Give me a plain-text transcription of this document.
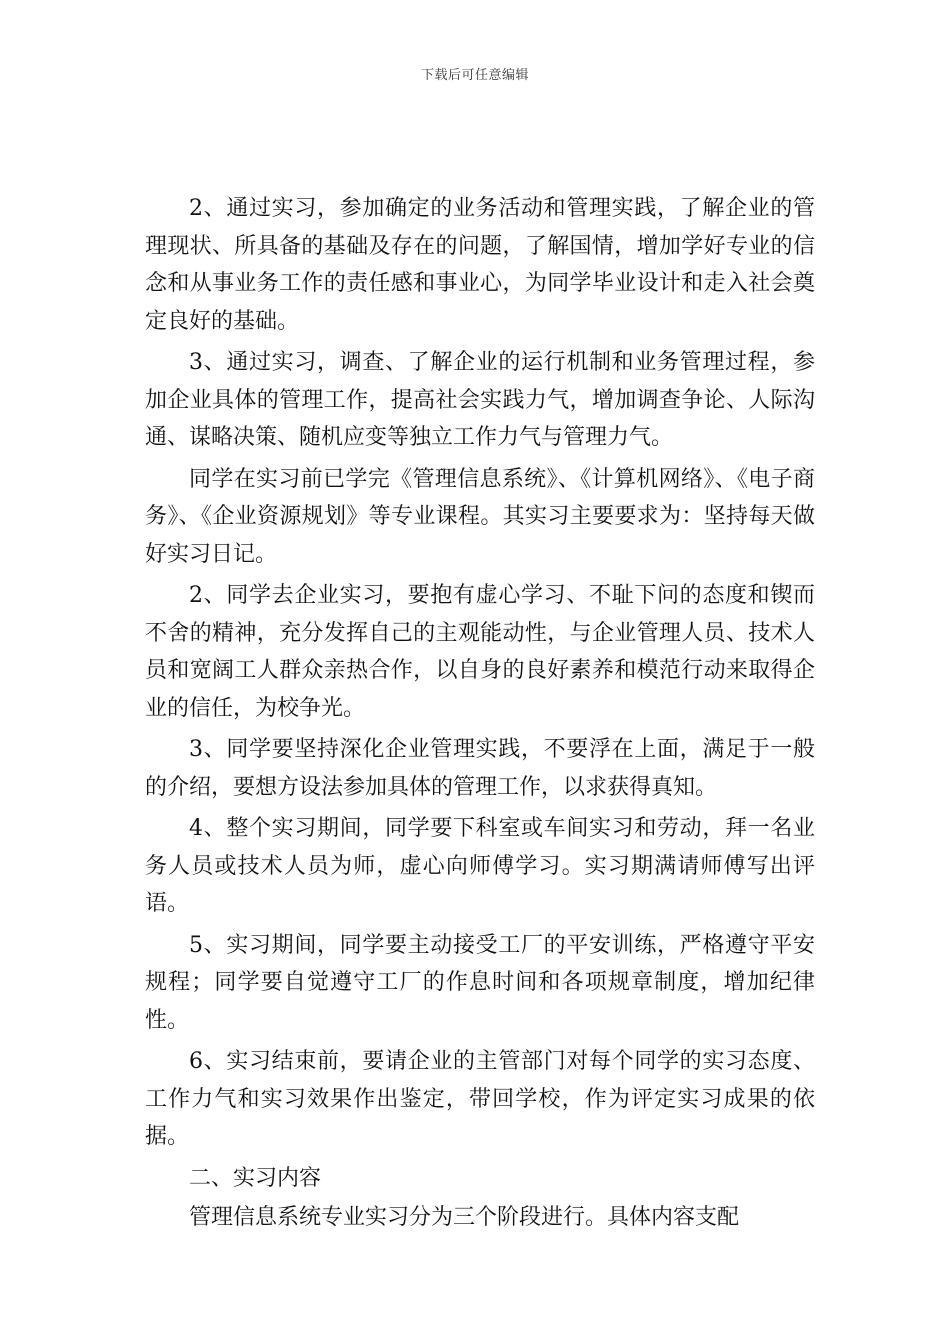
下载后可任意编辑

2、通过实习，参加确定的业务活动和管理实践，了解企业的管理现状、所具备的基础及存在的问题，了解国情，增加学好专业的信念和从事业务工作的责任感和事业心，为同学毕业设计和走入社会奠定良好的基础。

3、通过实习，调查、了解企业的运行机制和业务管理过程，参加企业具体的管理工作，提高社会实践力气，增加调查争论、人际沟通、谋略决策、随机应变等独立工作力气与管理力气。

同学在实习前已学完《管理信息系统》、《计算机网络》、《电子商务》、《企业资源规划》等专业课程。其实习主要要求为：坚持每天做好实习日记。

2、同学去企业实习，要抱有虚心学习、不耻下问的态度和锲而不舍的精神，充分发挥自己的主观能动性，与企业管理人员、技术人员和宽阔工人群众亲热合作，以自身的良好素养和模范行动来取得企业的信任，为校争光。

3、同学要坚持深化企业管理实践，不要浮在上面，满足于一般的介绍，要想方设法参加具体的管理工作，以求获得真知。

4、整个实习期间，同学要下科室或车间实习和劳动，拜一名业务人员或技术人员为师，虚心向师傅学习。实习期满请师傅写出评语。

5、实习期间，同学要主动接受工厂的平安训练，严格遵守平安规程；同学要自觉遵守工厂的作息时间和各项规章制度，增加纪律性。

6、实习结束前，要请企业的主管部门对每个同学的实习态度、工作力气和实习效果作出鉴定，带回学校，作为评定实习成果的依据。

二、实习内容

管理信息系统专业实习分为三个阶段进行。具体内容支配
